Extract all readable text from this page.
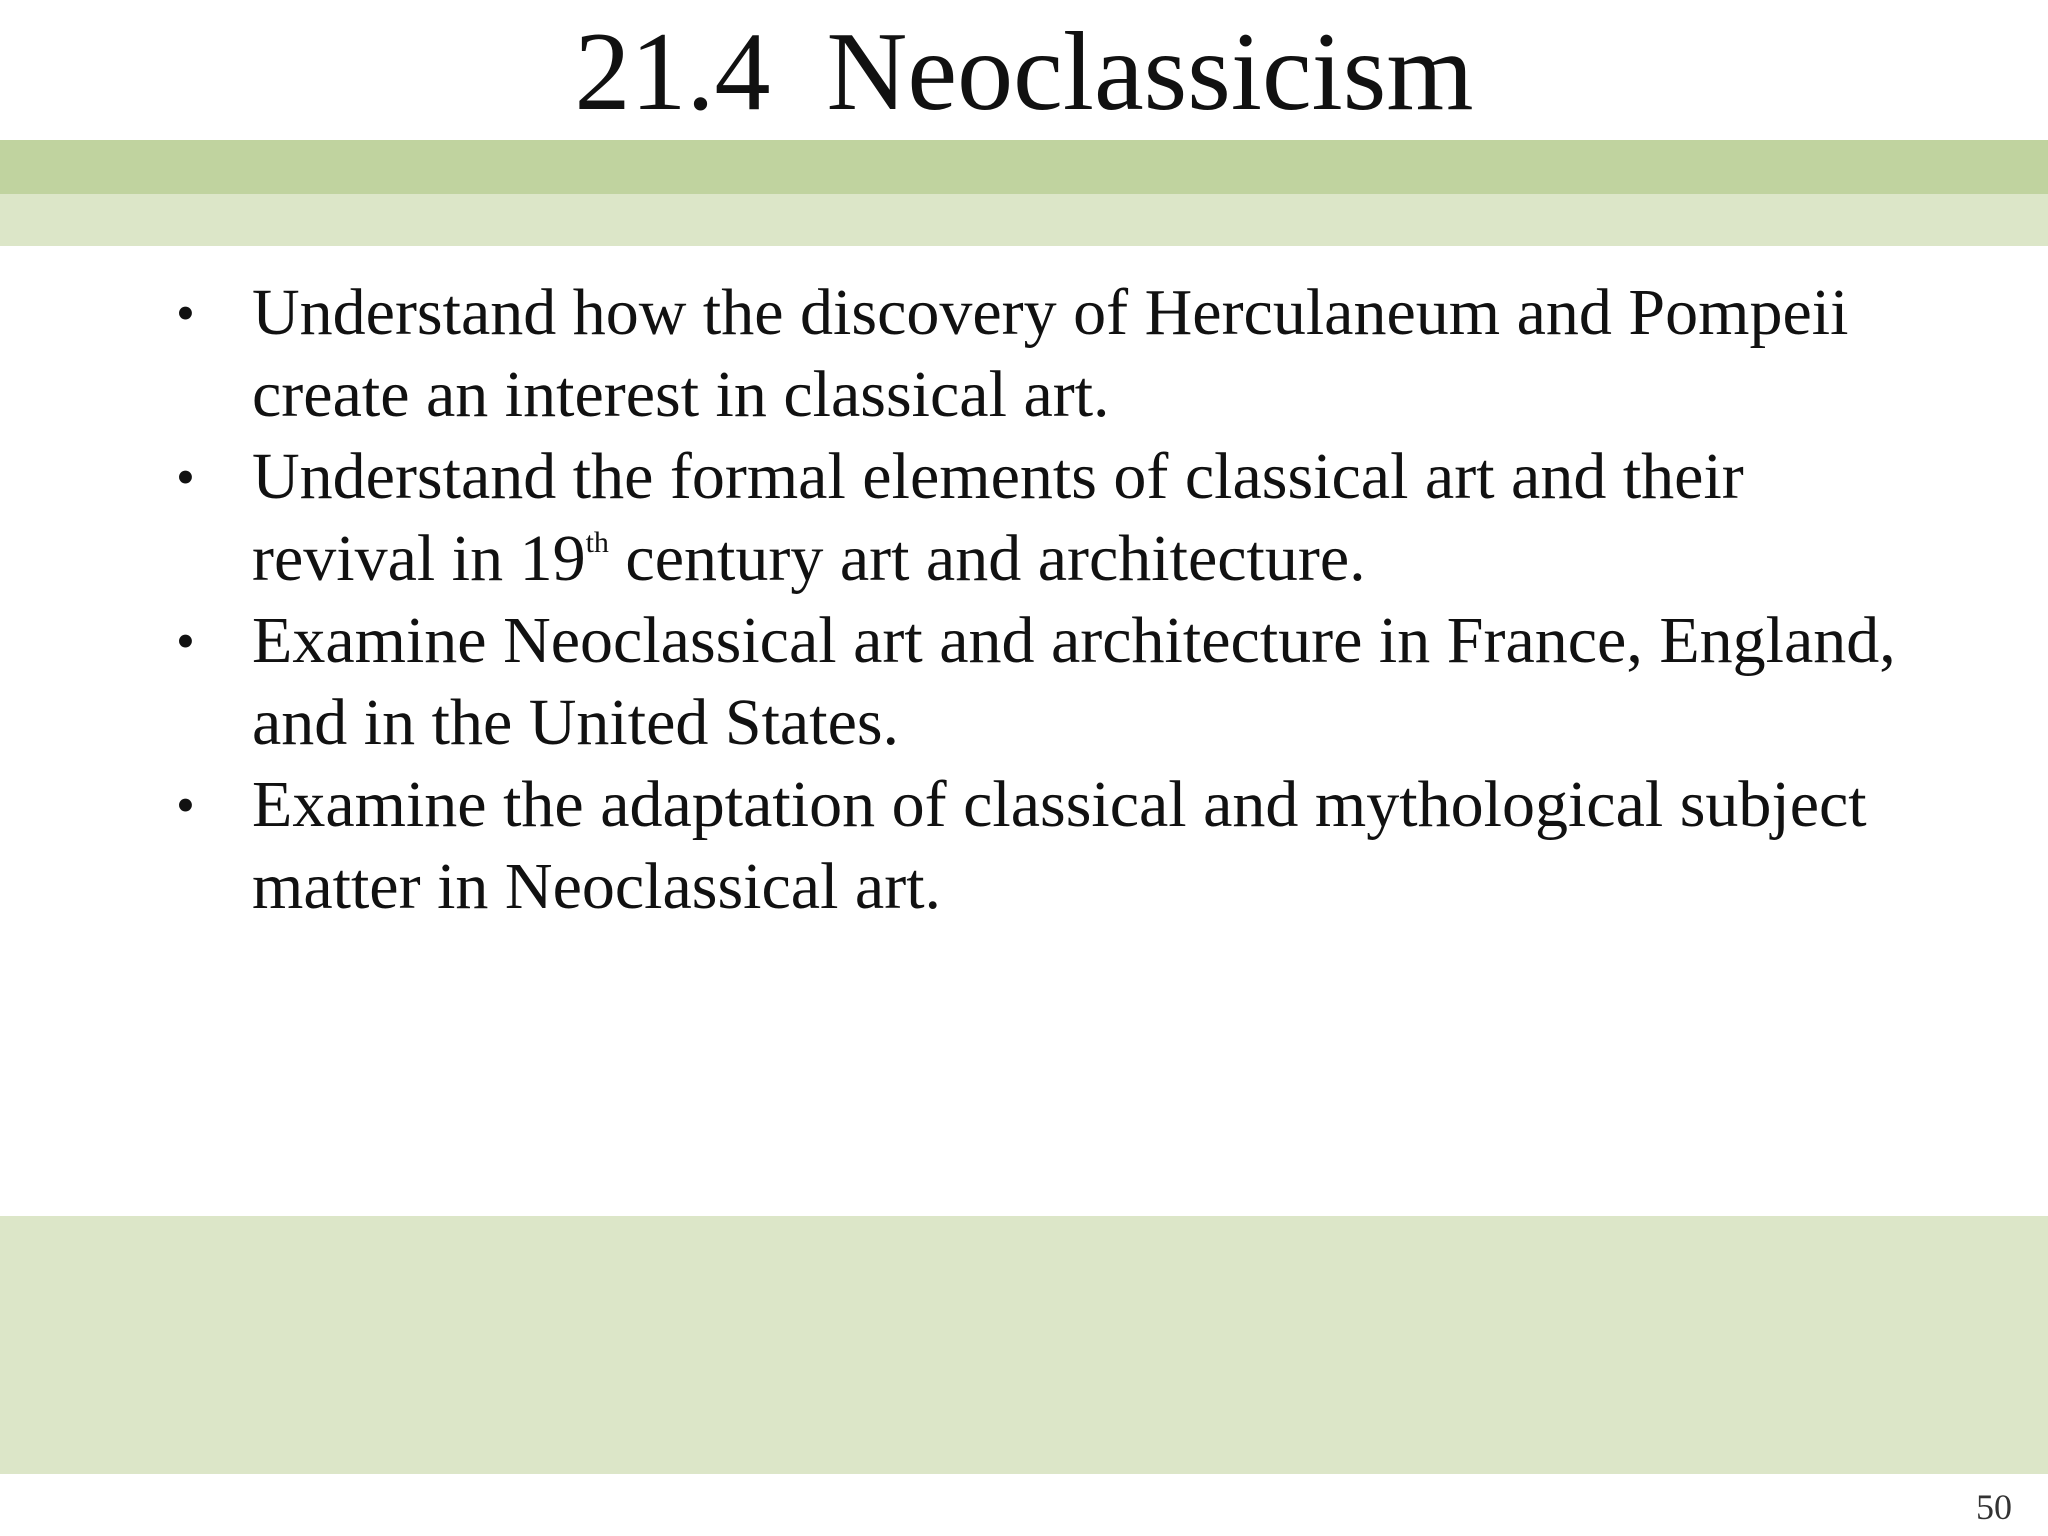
21.4  Neoclassicism
• Understand how the discovery of Herculaneum and Pompeii create an interest in classical art.
• Understand the formal elements of classical art and their revival in 19th century art and architecture.
• Examine Neoclassical art and architecture in France, England, and in the United States.
• Examine the adaptation of classical and mythological subject matter in Neoclassical art.
50
